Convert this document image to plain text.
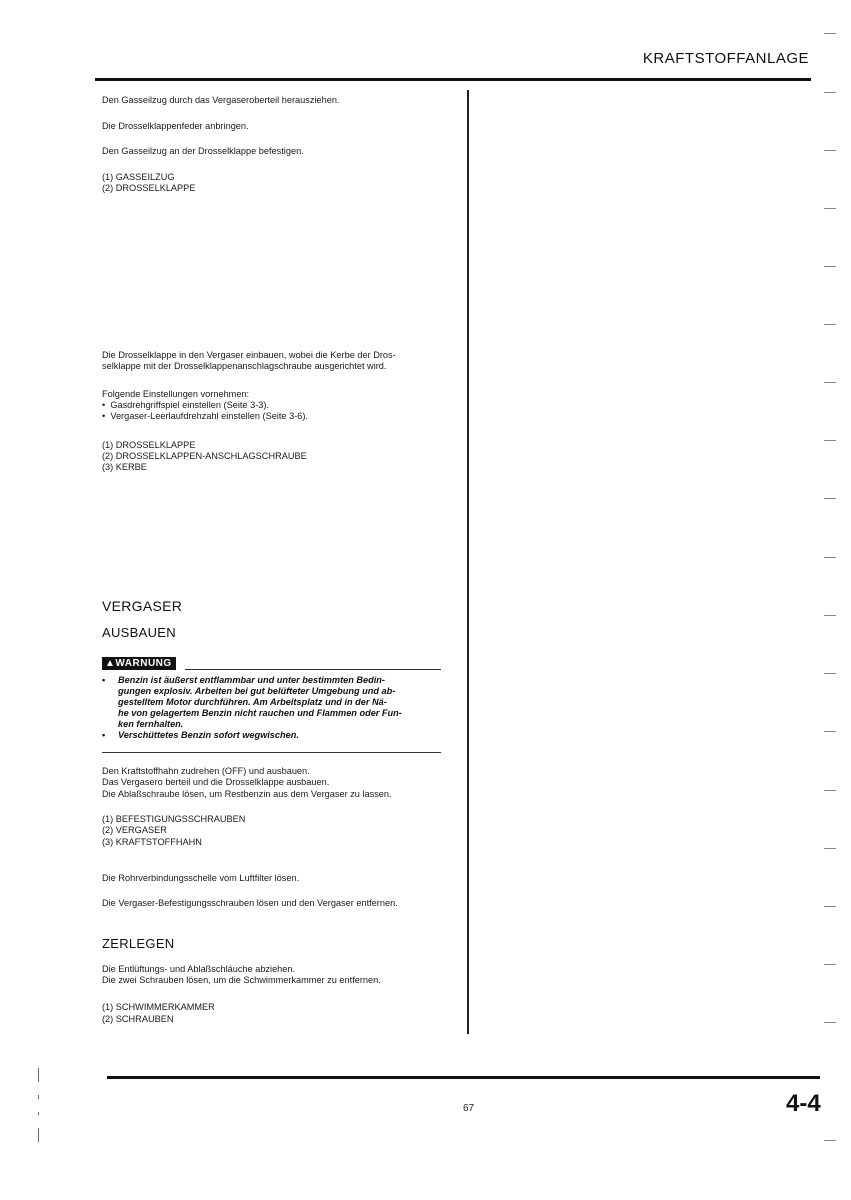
KRAFTSTOFFANLAGE
Den Gasseilzug durch das Vergaseroberteil herausziehen.
Die Drosselklappenfeder anbringen.
Den Gasseilzug an der Drosselklappe befestigen.
(1) GASSEILZUG
(2) DROSSELKLAPPE
Die Drosselklappe in den Vergaser einbauen, wobei die Kerbe der Dros-
selklappe mit der Drosselklappenanschlagschraube ausgerichtet wird.
Folgende Einstellungen vornehmen:
•  Gasdrehgriffspiel einstellen (Seite 3-3).
•  Vergaser-Leerlaufdrehzahl einstellen (Seite 3-6).
(1) DROSSELKLAPPE
(2) DROSSELKLAPPEN-ANSCHLAGSCHRAUBE
(3) KERBE
VERGASER
AUSBAUEN
▲WARNUNG
•	Benzin ist äußerst entflammbar und unter bestimmten Bedin-
gungen explosiv. Arbeiten bei gut belüfteter Umgebung und ab-
gestelltem Motor durchführen. Am Arbeitsplatz und in der Nä-
he von gelagertem Benzin nicht rauchen und Flammen oder Fun-
ken fernhalten.
•	Verschüttetes Benzin sofort wegwischen.
Den Kraftstoffhahn zudrehen (OFF) und ausbauen.
Das Vergasero berteil und die Drosselklappe ausbauen.
Die Ablaßschraube lösen, um Restbenzin aus dem Vergaser zu lassen.
(1) BEFESTIGUNGSSCHRAUBEN
(2) VERGASER
(3) KRAFTSTOFFHAHN
Die Rohrverbindungsschelle vom Luftfilter lösen.
Die Vergaser-Befestigungsschrauben lösen und den Vergaser entfernen.
ZERLEGEN
Die Entlüftungs- und Ablaßschläuche abziehen.
Die zwei Schrauben lösen, um die Schwimmerkammer zu entfernen.
(1) SCHWIMMERKAMMER
(2) SCHRAUBEN
67	4-4
